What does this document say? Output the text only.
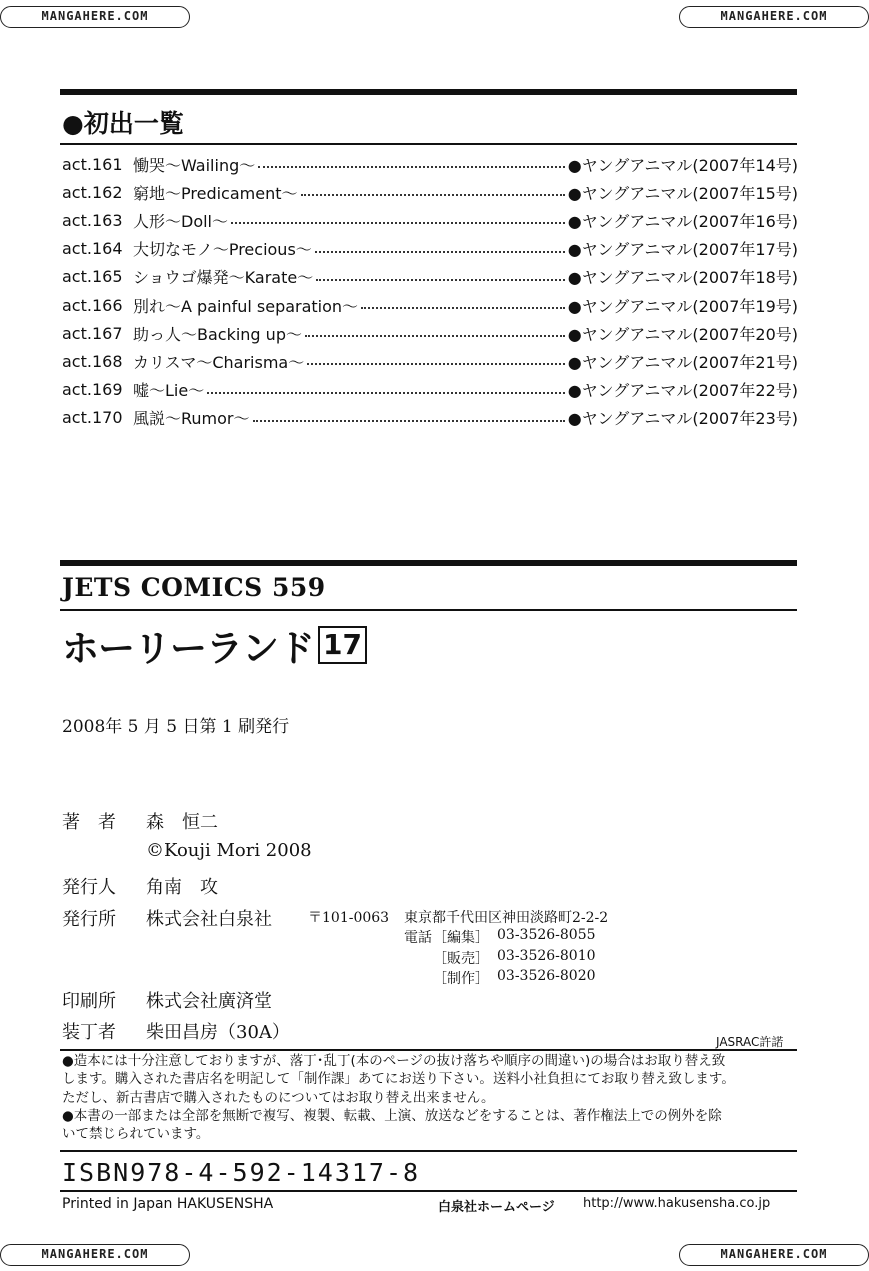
MANGAHERE.COM	MANGAHERE.COM
MANGAHERE.COM	MANGAHERE.COM
●初出一覧
act.161 慟哭〜Wailing〜	●ヤングアニマル(2007年14号)
act.162 窮地〜Predicament〜	●ヤングアニマル(2007年15号)
act.163 人形〜Doll〜	●ヤングアニマル(2007年16号)
act.164 大切なモノ〜Precious〜	●ヤングアニマル(2007年17号)
act.165 ショウゴ爆発〜Karate〜	●ヤングアニマル(2007年18号)
act.166 別れ〜A painful separation〜	●ヤングアニマル(2007年19号)
act.167 助っ人〜Backing up〜	●ヤングアニマル(2007年20号)
act.168 カリスマ〜Charisma〜	●ヤングアニマル(2007年21号)
act.169 嘘〜Lie〜	●ヤングアニマル(2007年22号)
act.170 風説〜Rumor〜	●ヤングアニマル(2007年23号)
JETS COMICS 559
ホーリーランド 17
2008年 5 月 5 日第 1 刷発行
著　者 森　恒二
©Kouji Mori 2008
発行人 角南　攻
発行所 株式会社白泉社	〒101-0063 東京都千代田区神田淡路町2-2-2
電話 ［編集］ 03-3526-8055
［販売］ 03-3526-8010
［制作］ 03-3526-8020
印刷所 株式会社廣済堂
装丁者 柴田昌房（30A）	JASRAC許諾
●造本には十分注意しておりますが、落丁･乱丁(本のページの抜け落ちや順序の間違い)の場合はお取り替え致
します。購入された書店名を明記して「制作課」あてにお送り下さい。送料小社負担にてお取り替え致します。
ただし、新古書店で購入されたものについてはお取り替え出来ません。
●本書の一部または全部を無断で複写、複製、転載、上演、放送などをすることは、著作権法上での例外を除
いて禁じられています。
ISBN978-4-592-14317-8
Printed in Japan HAKUSENSHA	白泉社ホームページ http://www.hakusensha.co.jp
